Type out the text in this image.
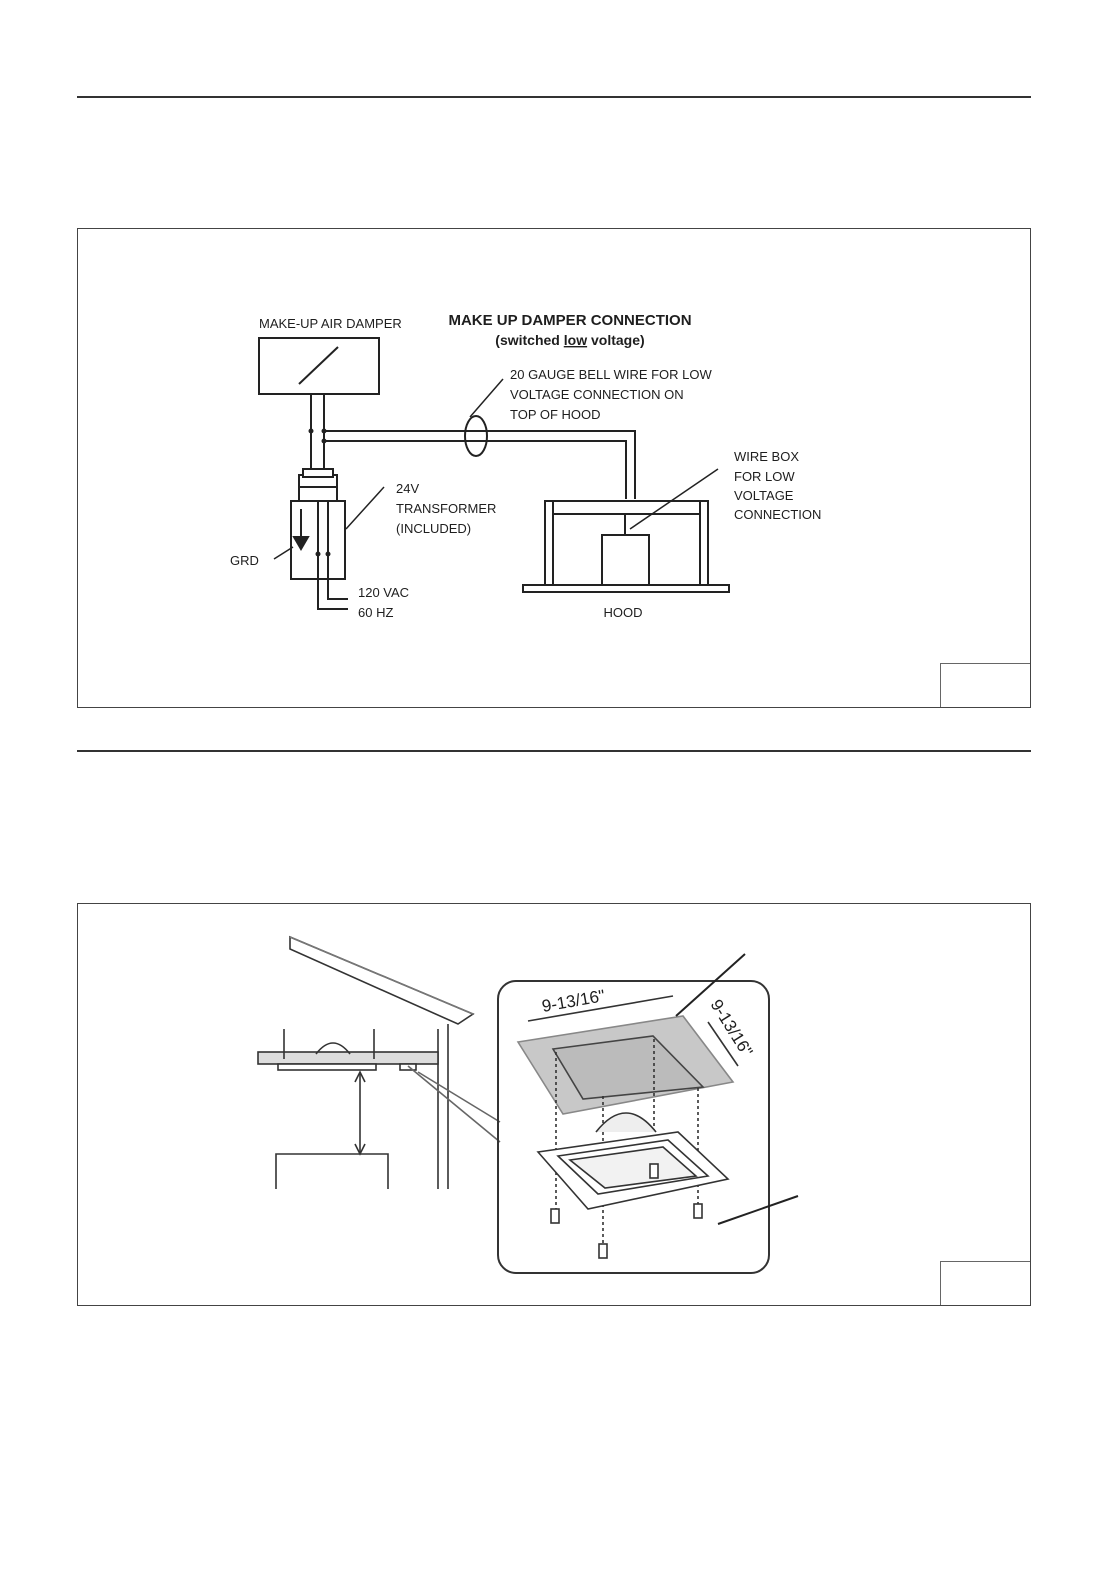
MAKE UP DAMPER CONNECTION
(switched low voltage)
MAKE-UP AIR DAMPER
20 GAUGE BELL WIRE FOR LOW
VOLTAGE CONNECTION ON
TOP OF HOOD
24V
TRANSFORMER
(INCLUDED)
GRD
120 VAC
60 HZ
WIRE BOX
FOR LOW
VOLTAGE
CONNECTION
HOOD
9-13/16"	9-13/16"
